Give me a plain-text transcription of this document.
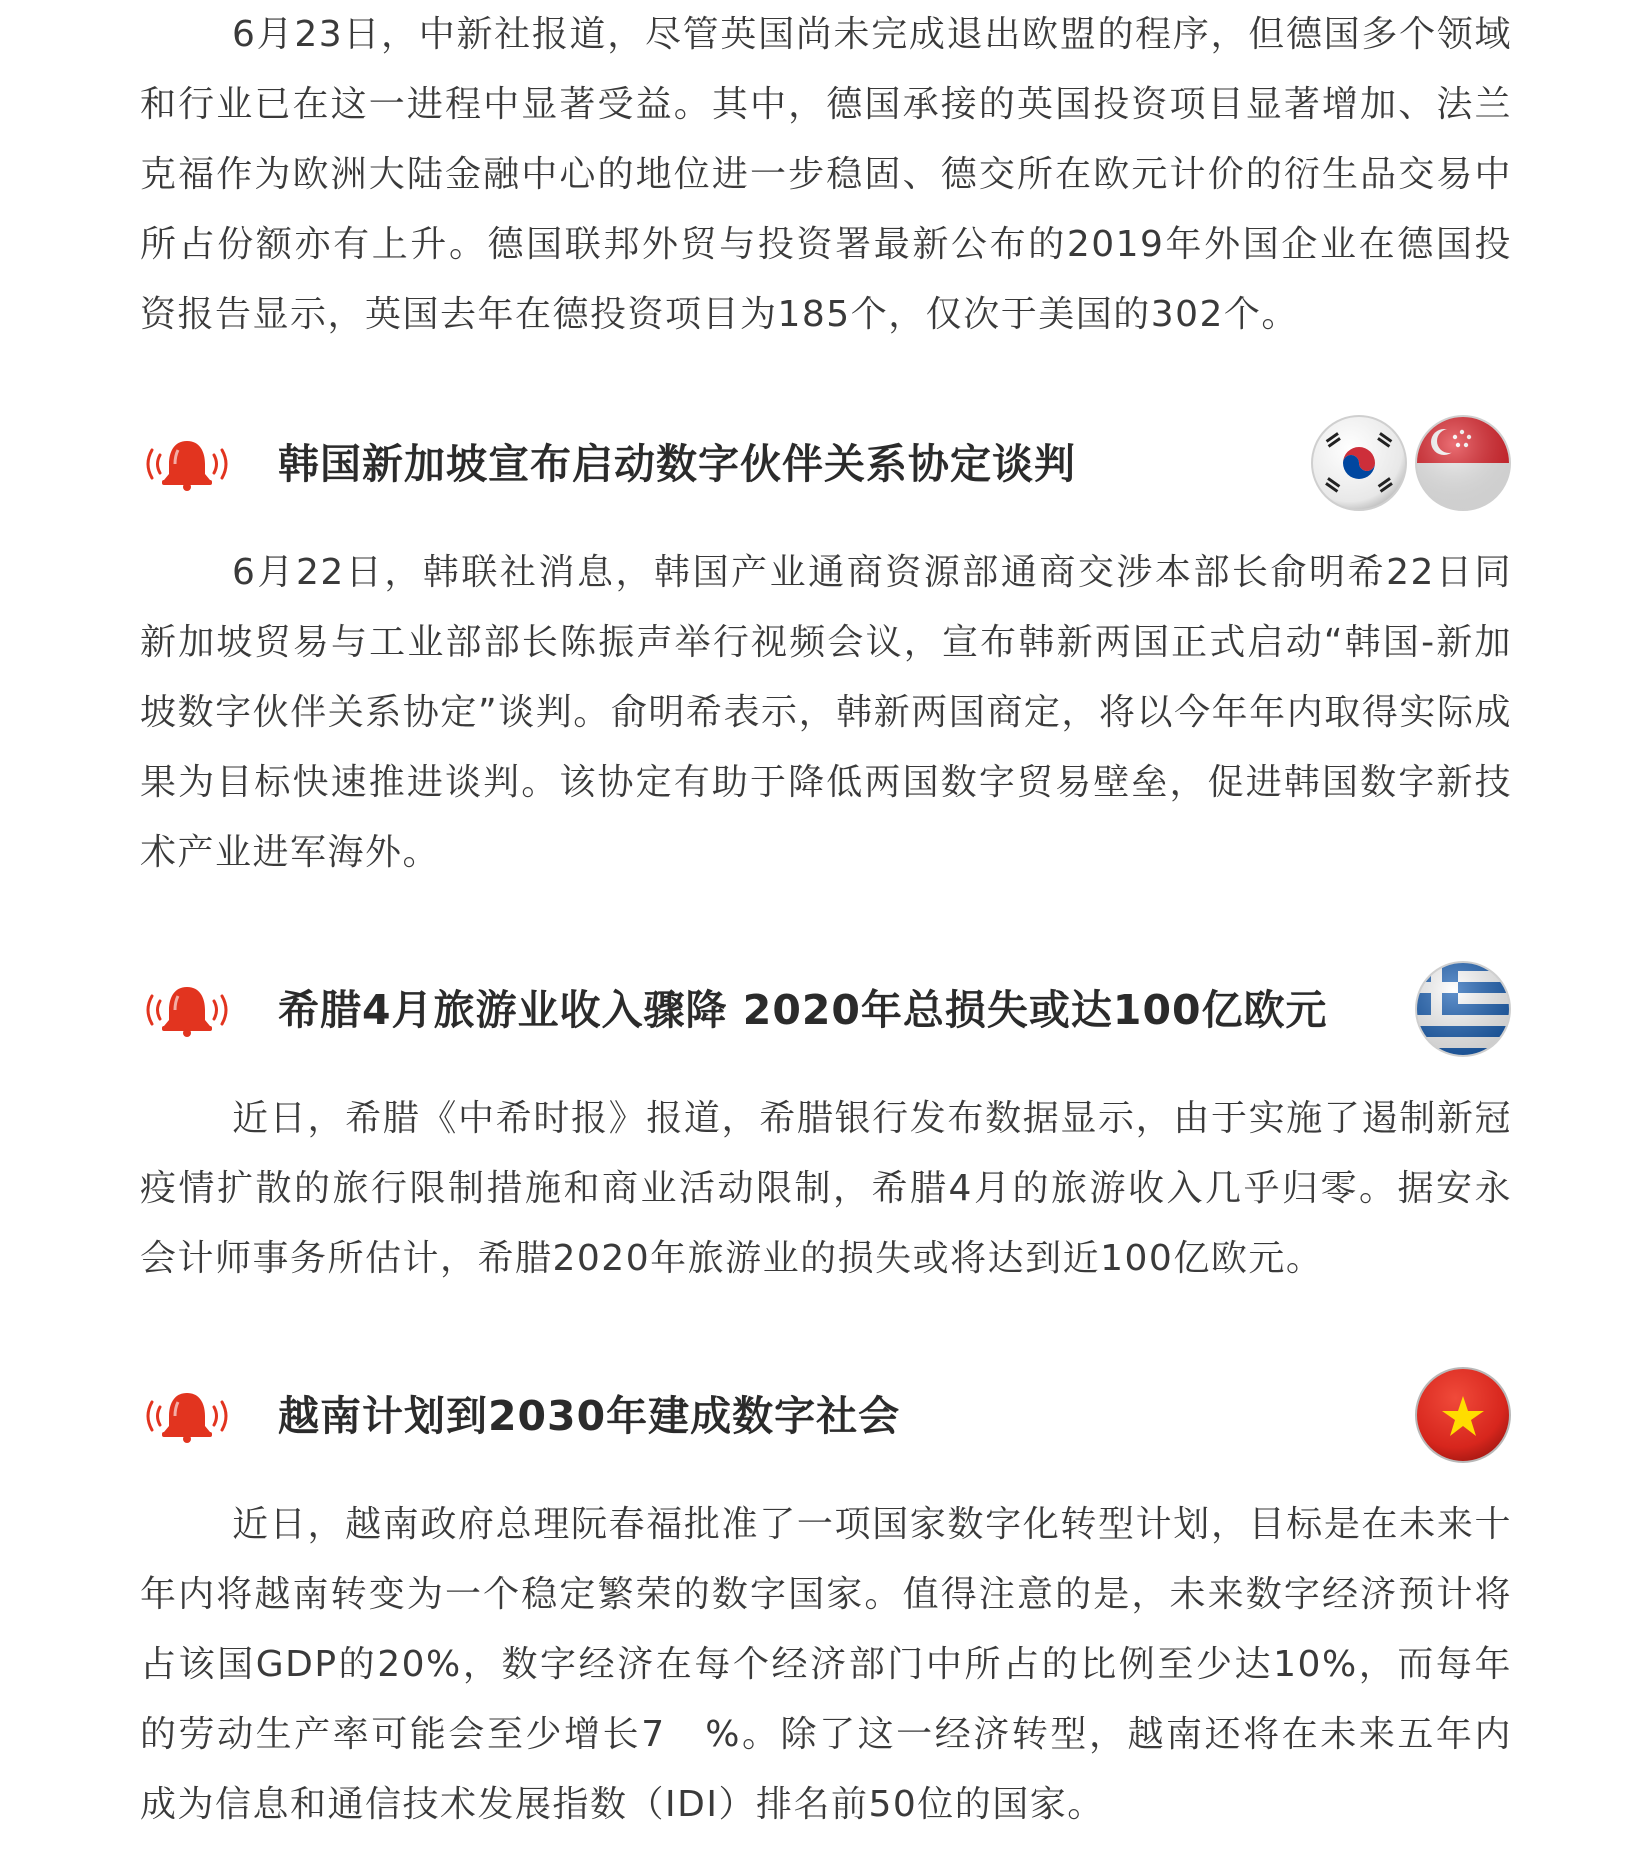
6月23日，中新社报道，尽管英国尚未完成退出欧盟的程序，但德国多个领域和行业已在这一进程中显著受益。其中，德国承接的英国投资项目显著增加、法兰克福作为欧洲大陆金融中心的地位进一步稳固、德交所在欧元计价的衍生品交易中所占份额亦有上升。德国联邦外贸与投资署最新公布的2019年外国企业在德国投资报告显示，英国去年在德投资项目为185个，仅次于美国的302个。

韩国新加坡宣布启动数字伙伴关系协定谈判

6月22日，韩联社消息，韩国产业通商资源部通商交涉本部长俞明希22日同新加坡贸易与工业部部长陈振声举行视频会议，宣布韩新两国正式启动“韩国-新加坡数字伙伴关系协定”谈判。俞明希表示，韩新两国商定，将以今年年内取得实际成果为目标快速推进谈判。该协定有助于降低两国数字贸易壁垒，促进韩国数字新技术产业进军海外。

希腊4月旅游业收入骤降 2020年总损失或达100亿欧元

近日，希腊《中希时报》报道，希腊银行发布数据显示，由于实施了遏制新冠疫情扩散的旅行限制措施和商业活动限制，希腊4月的旅游收入几乎归零。据安永会计师事务所估计，希腊2020年旅游业的损失或将达到近100亿欧元。

越南计划到2030年建成数字社会

近日，越南政府总理阮春福批准了一项国家数字化转型计划，目标是在未来十年内将越南转变为一个稳定繁荣的数字国家。值得注意的是，未来数字经济预计将占该国GDP的20%，数字经济在每个经济部门中所占的比例至少达10%，而每年的劳动生产率可能会至少增长7　%。除了这一经济转型，越南还将在未来五年内成为信息和通信技术发展指数（IDI）排名前50位的国家。
